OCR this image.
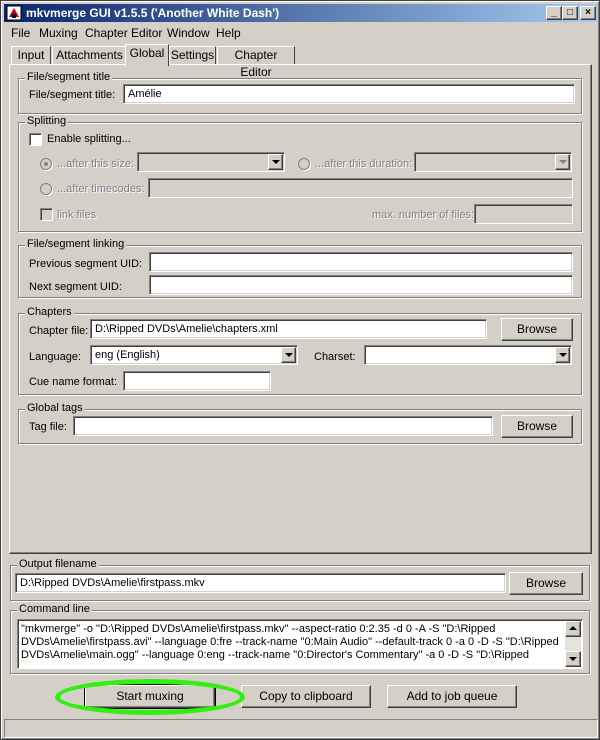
mkvmerge GUI v1.5.5 ('Another White Dash')	_	□	×
File Muxing Chapter Editor Window Help
Input Attachments Global Settings	Chapter Editor
File/segment title
File/segment title:	Amélie
Splitting
Enable splitting...
...after this size:	...after this duration:
...after timecodes:
link files	max. number of files:
File/segment linking
Previous segment UID:
Next segment UID:
Chapters
Chapter file: D:\Ripped DVDs\Amelie\chapters.xml	Browse
Language:	eng (English)	Charset:
Cue name format:
Global tags
Tag file:	Browse
Output filename
D:\Ripped DVDs\Amelie\firstpass.mkv	Browse
Command line
"mkvmerge" -o "D:\Ripped DVDs\Amelie\firstpass.mkv" --aspect-ratio 0:2.35 -d 0 -A -S "D:\Ripped
DVDs\Amelie\firstpass.avi" --language 0:fre --track-name "0:Main Audio" --default-track 0 -a 0 -D -S "D:\Ripped
DVDs\Amelie\main.ogg" --language 0:eng --track-name "0:Director's Commentary" -a 0 -D -S "D:\Ripped
Start muxing	Copy to clipboard	Add to job queue
